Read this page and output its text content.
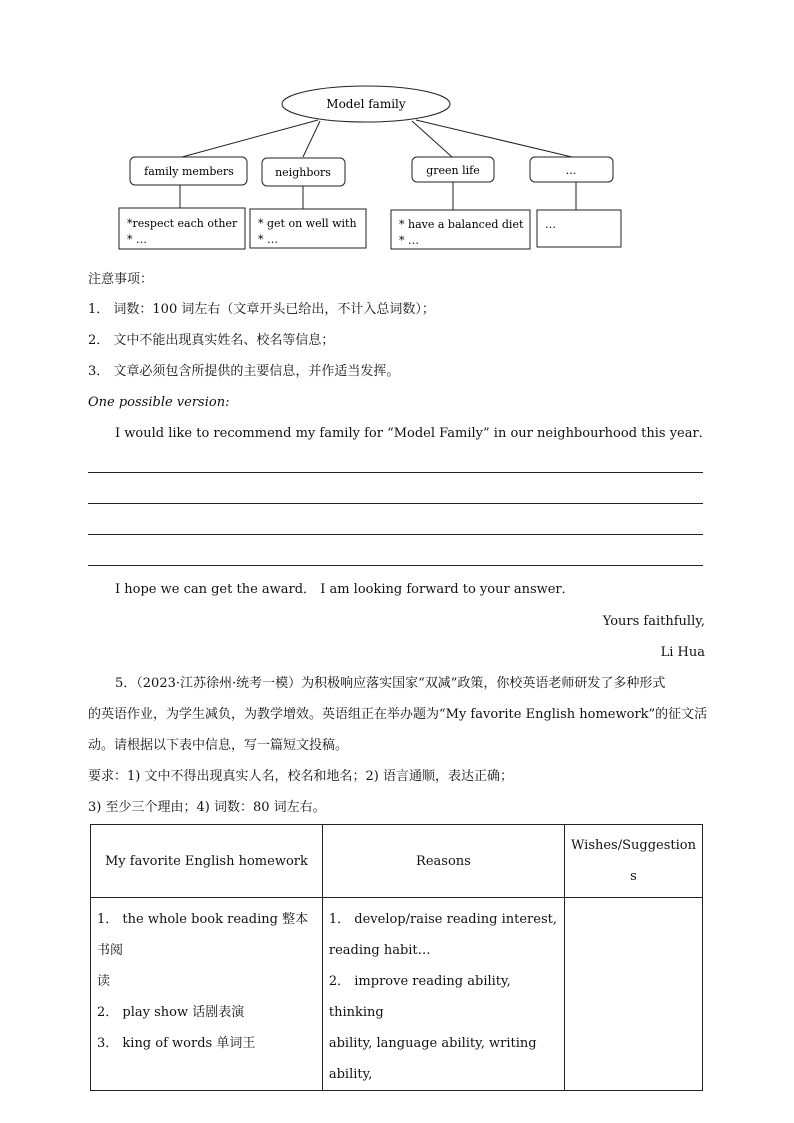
Model family
family members	neighbors	green life	…
*respect each other
* …
* get on well with
* …
* have a balanced diet
* …
…
注意事项：
1． 词数：100 词左右（文章开头已给出，不计入总词数）；
2． 文中不能出现真实姓名、校名等信息；
3． 文章必须包含所提供的主要信息，并作适当发挥。
One possible version:
I would like to recommend my family for “Model Family” in our neighbourhood this year．
I hope we can get the award． I am looking forward to your answer．
Yours faithfully,
Li Hua
5．（2023·江苏徐州·统考一模）为积极响应落实国家“双减”政策，你校英语老师研发了多种形式
的英语作业，为学生减负，为教学增效。英语组正在举办题为“My favorite English homework”的征文活
动。请根据以下表中信息，写一篇短文投稿。
要求：1) 文中不得出现真实人名，校名和地名；2) 语言通顺，表达正确；
3) 至少三个理由；4) 词数：80 词左右。
My favorite English homework	Reasons	Wishes/Suggestion
s

1． the whole book reading 整本书阅
读
2． play show 话剧表演
3． king of words 单词王	1． develop/raise reading interest,
reading habit…
2． improve reading ability, thinking
ability, language ability, writing ability,	
